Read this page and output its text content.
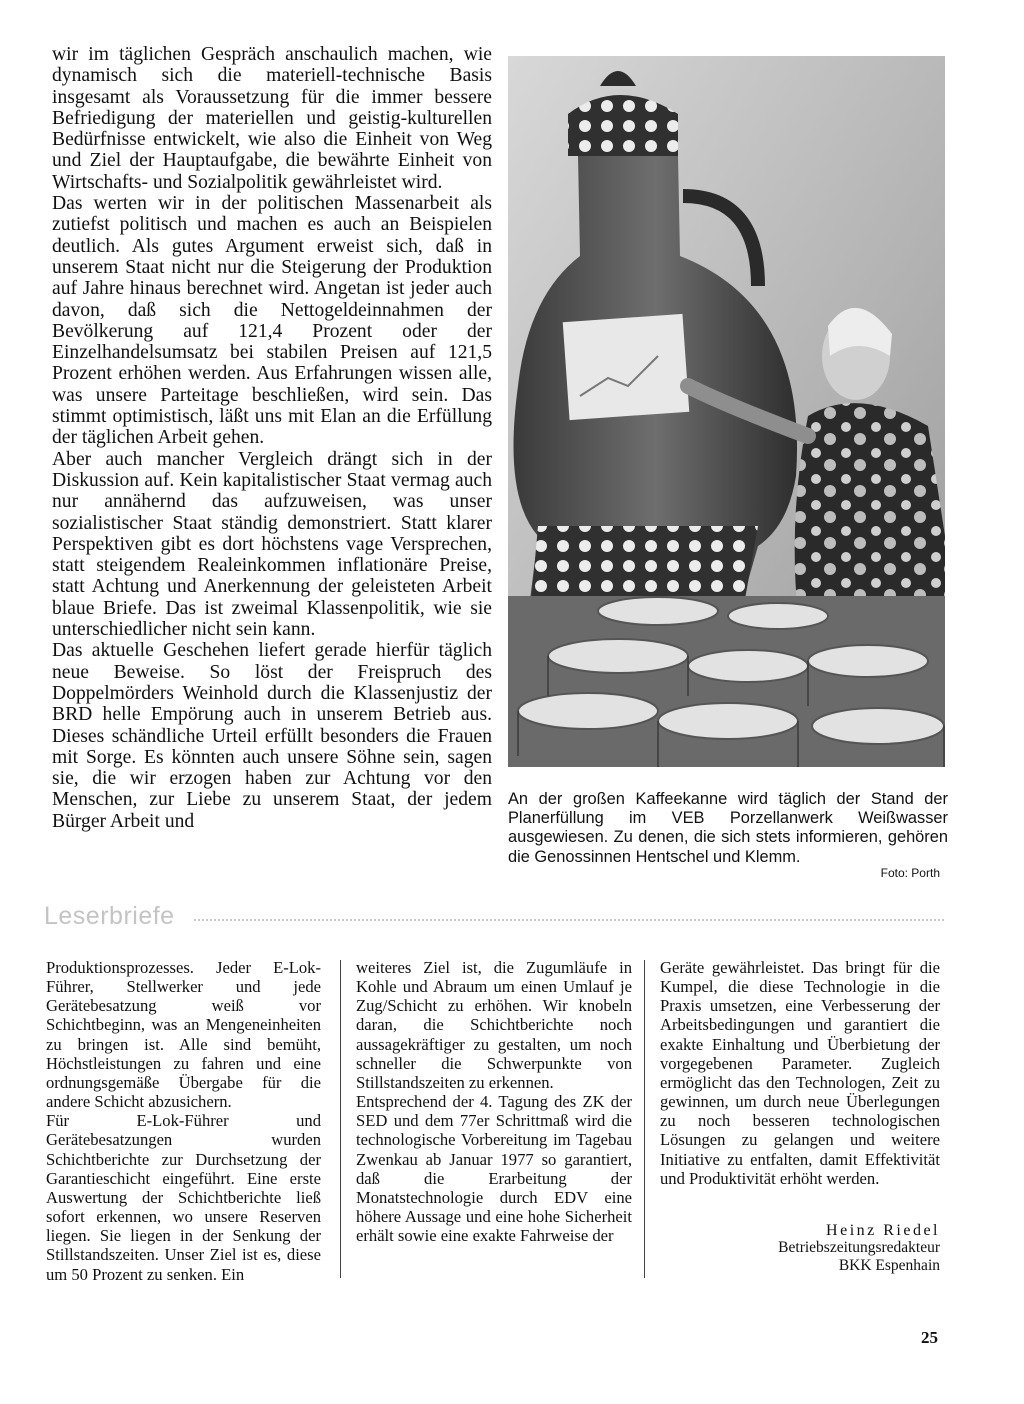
wir im täglichen Gespräch anschaulich machen, wie dynamisch sich die materiell-technische Basis insgesamt als Voraussetzung für die immer bessere Befriedigung der materiellen und geistig-kulturellen Bedürfnisse entwickelt, wie also die Einheit von Weg und Ziel der Hauptaufgabe, die bewährte Einheit von Wirtschafts- und Sozialpolitik gewährleistet wird.

Das werten wir in der politischen Massenarbeit als zutiefst politisch und machen es auch an Beispielen deutlich. Als gutes Argument erweist sich, daß in unserem Staat nicht nur die Steigerung der Produktion auf Jahre hinaus berechnet wird. Angetan ist jeder auch davon, daß sich die Nettogeldeinnahmen der Bevölkerung auf 121,4 Prozent oder der Einzelhandelsumsatz bei stabilen Preisen auf 121,5 Prozent erhöhen werden. Aus Erfahrungen wissen alle, was unsere Parteitage beschließen, wird sein. Das stimmt optimistisch, läßt uns mit Elan an die Erfüllung der täglichen Arbeit gehen.

Aber auch mancher Vergleich drängt sich in der Diskussion auf. Kein kapitalistischer Staat vermag auch nur annähernd das aufzuweisen, was unser sozialistischer Staat ständig demonstriert. Statt klarer Perspektiven gibt es dort höchstens vage Versprechen, statt steigendem Realeinkommen inflationäre Preise, statt Achtung und Anerkennung der geleisteten Arbeit blaue Briefe. Das ist zweimal Klassenpolitik, wie sie unterschiedlicher nicht sein kann.

Das aktuelle Geschehen liefert gerade hierfür täglich neue Beweise. So löst der Freispruch des Doppelmörders Weinhold durch die Klassenjustiz der BRD helle Empörung auch in unserem Betrieb aus. Dieses schändliche Urteil erfüllt besonders die Frauen mit Sorge. Es könnten auch unsere Söhne sein, sagen sie, die wir erzogen haben zur Achtung vor den Menschen, zur Liebe zu unserem Staat, der jedem Bürger Arbeit und

An der großen Kaffeekanne wird täglich der Stand der Planerfüllung im VEB Porzellanwerk Weißwasser ausgewiesen. Zu denen, die sich stets informieren, gehören die Genossinnen Hentschel und Klemm.
Foto: Porth
Leserbriefe

Produktionsprozesses. Jeder E-Lok-Führer, Stellwerker und jede Gerätebesatzung weiß vor Schichtbeginn, was an Mengeneinheiten zu bringen ist. Alle sind bemüht, Höchstleistungen zu fahren und eine ordnungsgemäße Übergabe für die andere Schicht abzusichern.

Für E-Lok-Führer und Gerätebesatzungen wurden Schichtberichte zur Durchsetzung der Garantieschicht eingeführt. Eine erste Auswertung der Schichtberichte ließ sofort erkennen, wo unsere Reserven liegen. Sie liegen in der Senkung der Stillstandszeiten. Unser Ziel ist es, diese um 50 Prozent zu senken. Ein

weiteres Ziel ist, die Zugumläufe in Kohle und Abraum um einen Umlauf je Zug/Schicht zu erhöhen. Wir knobeln daran, die Schichtberichte noch aussagekräftiger zu gestalten, um noch schneller die Schwerpunkte von Stillstandszeiten zu erkennen.

Entsprechend der 4. Tagung des ZK der SED und dem 77er Schrittmaß wird die technologische Vorbereitung im Tagebau Zwenkau ab Januar 1977 so garantiert, daß die Erarbeitung der Monatstechnologie durch EDV eine höhere Aussage und eine hohe Sicherheit erhält sowie eine exakte Fahrweise der

Geräte gewährleistet. Das bringt für die Kumpel, die diese Technologie in die Praxis umsetzen, eine Verbesserung der Arbeitsbedingungen und garantiert die exakte Einhaltung und Überbietung der vorgegebenen Parameter. Zugleich ermöglicht das den Technologen, Zeit zu gewinnen, um durch neue Überlegungen zu noch besseren technologischen Lösungen zu gelangen und weitere Initiative zu entfalten, damit Effektivität und Produktivität erhöht werden.

Heinz Riedel
Betriebszeitungsredakteur
BKK Espenhain
25
